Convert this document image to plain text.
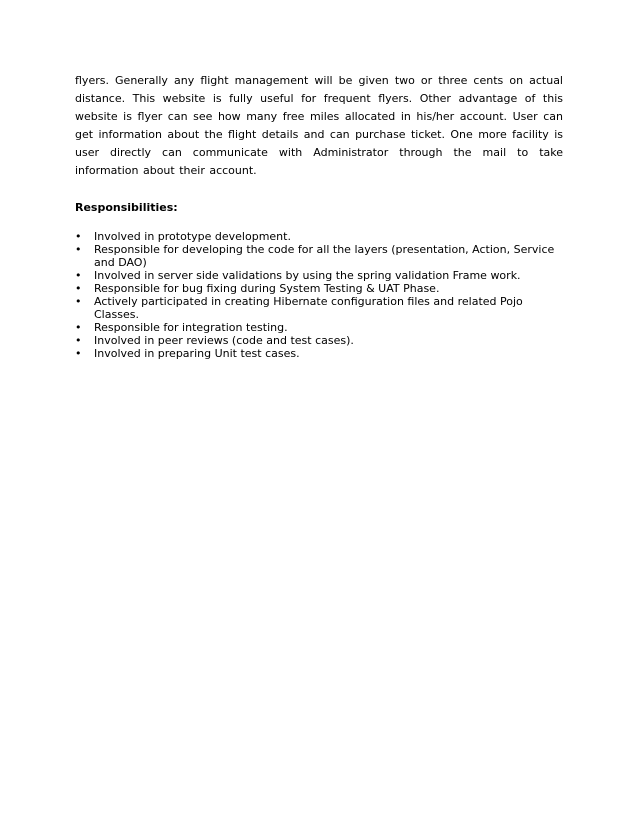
flyers. Generally any flight management will be given two or three cents on actual distance. This website is fully useful for frequent flyers. Other advantage of this website is flyer can see how many free miles allocated in his/her account. User can get information about the flight details and can purchase ticket. One more facility is user directly can communicate with Administrator through the mail to take information about their account.

Responsibilities:
•	Involved in prototype development.
•	Responsible for developing the code for all the layers (presentation, Action, Service and DAO)
•	Involved in server side validations by using the spring validation Frame work.
•	Responsible for bug fixing during System Testing & UAT Phase.
•	Actively participated in creating Hibernate configuration files and related Pojo Classes.
•	Responsible for integration testing.
•	Involved in peer reviews (code and test cases).
•	Involved in preparing Unit test cases.
